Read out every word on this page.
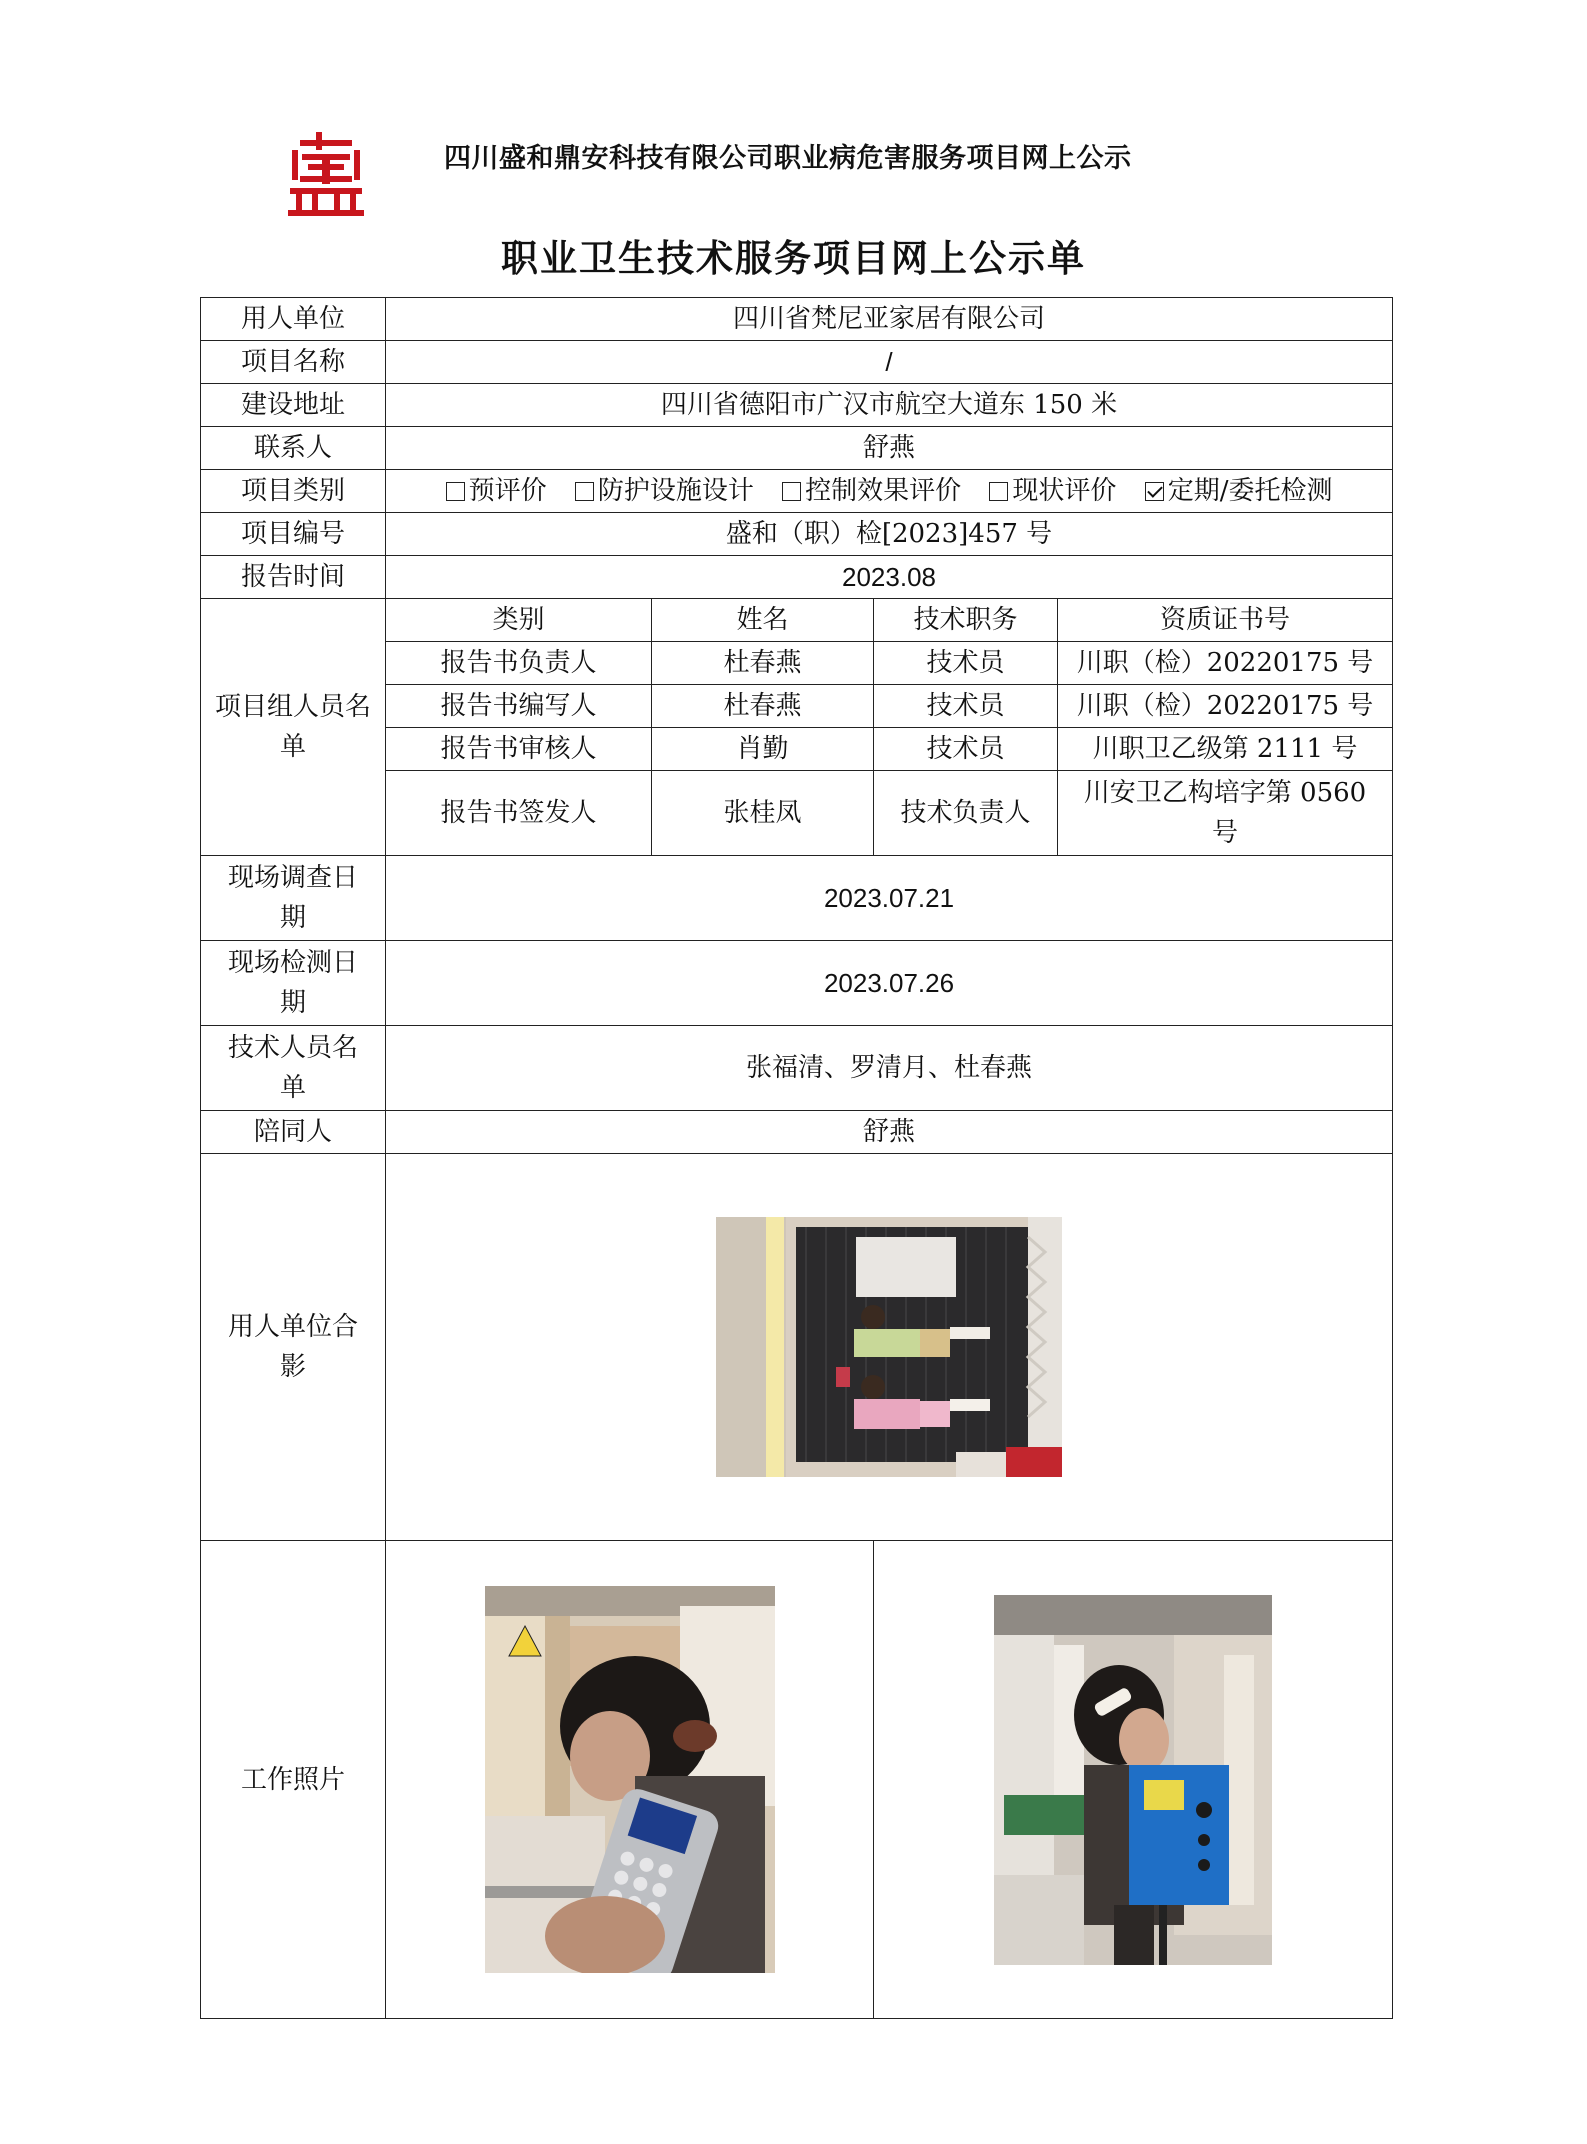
四川盛和鼎安科技有限公司职业病危害服务项目网上公示
职业卫生技术服务项目网上公示单
用人单位	四川省梵尼亚家居有限公司			
项目名称	/			
建设地址	四川省德阳市广汉市航空大道东 150 米			
联系人	舒燕			
项目类别	预评价 防护设施设计 控制效果评价 现状评价 定期/委托检测			
项目编号	盛和（职）检[2023]457 号			
报告时间	2023.08			
项目组人员名单	类别	姓名	技术职务	资质证书号
	报告书负责人	杜春燕	技术员	川职（检）20220175 号
	报告书编写人	杜春燕	技术员	川职（检）20220175 号
	报告书审核人	肖勤	技术员	川职卫乙级第 2111 号
	报告书签发人	张桂凤	技术负责人	川安卫乙构培字第 0560 号
现场调查日期	2023.07.21			
现场检测日期	2023.07.26			
技术人员名单	张福清、罗清月、杜春燕			
陪同人	舒燕			
用人单位合影	

工作照片	
